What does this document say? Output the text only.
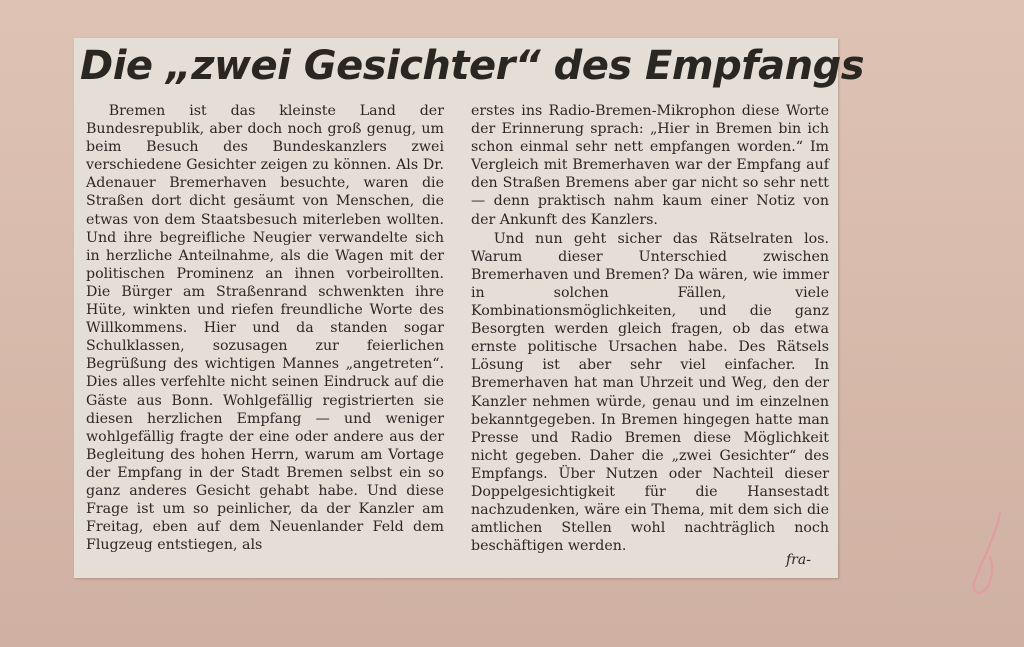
Die „zwei Gesichter“ des Empfangs

Bremen ist das kleinste Land der Bundesrepublik, aber doch noch groß genug, um beim Besuch des Bundeskanzlers zwei verschiedene Gesichter zeigen zu können. Als Dr. Adenauer Bremerhaven besuchte, waren die Straßen dort dicht gesäumt von Menschen, die etwas von dem Staatsbesuch miterleben wollten. Und ihre begreifliche Neugier verwandelte sich in herzliche Anteilnahme, als die Wagen mit der politischen Prominenz an ihnen vorbeirollten. Die Bürger am Straßenrand schwenkten ihre Hüte, winkten und riefen freundliche Worte des Willkommens. Hier und da standen sogar Schulklassen, sozusagen zur feierlichen Begrüßung des wichtigen Mannes „angetreten“. Dies alles verfehlte nicht seinen Eindruck auf die Gäste aus Bonn. Wohlgefällig registrierten sie diesen herzlichen Empfang — und weniger wohlgefällig fragte der eine oder andere aus der Begleitung des hohen Herrn, warum am Vortage der Empfang in der Stadt Bremen selbst ein so ganz anderes Gesicht gehabt habe. Und diese Frage ist um so peinlicher, da der Kanzler am Freitag, eben auf dem Neuenlander Feld dem Flugzeug entstiegen, als

erstes ins Radio-Bremen-Mikrophon diese Worte der Erinnerung sprach: „Hier in Bremen bin ich schon einmal sehr nett empfangen worden.“ Im Vergleich mit Bremerhaven war der Empfang auf den Straßen Bremens aber gar nicht so sehr nett — denn praktisch nahm kaum einer Notiz von der Ankunft des Kanzlers.

Und nun geht sicher das Rätselraten los. Warum dieser Unterschied zwischen Bremerhaven und Bremen? Da wären, wie immer in solchen Fällen, viele Kombinationsmöglichkeiten, und die ganz Besorgten werden gleich fragen, ob das etwa ernste politische Ursachen habe. Des Rätsels Lösung ist aber sehr viel einfacher. In Bremerhaven hat man Uhrzeit und Weg, den der Kanzler nehmen würde, genau und im einzelnen bekanntgegeben. In Bremen hingegen hatte man Presse und Radio Bremen diese Möglichkeit nicht gegeben. Daher die „zwei Gesichter“ des Empfangs. Über Nutzen oder Nachteil dieser Doppelgesichtigkeit für die Hansestadt nachzudenken, wäre ein Thema, mit dem sich die amtlichen Stellen wohl nachträglich noch beschäftigen werden.

fra-
